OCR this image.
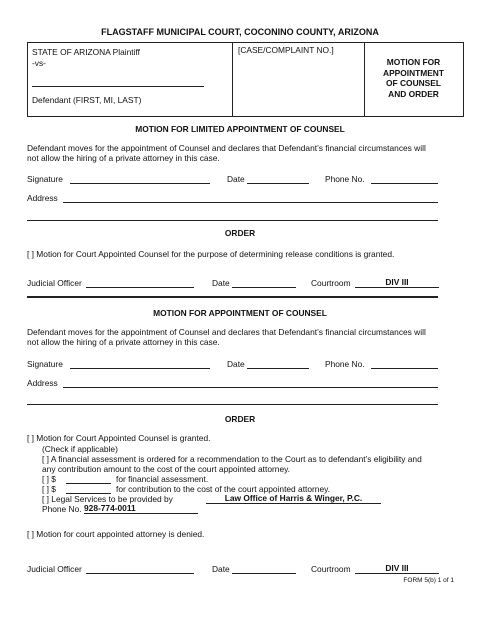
FLAGSTAFF MUNICIPAL COURT, COCONINO COUNTY, ARIZONA
STATE OF ARIZONA Plaintiff
-vs-
Defendant (FIRST, MI, LAST)
[CASE/COMPLAINT NO.]
MOTION FOR
APPOINTMENT
OF COUNSEL
AND ORDER
MOTION FOR LIMITED APPOINTMENT OF COUNSEL
Defendant moves for the appointment of Counsel and declares that Defendant’s financial circumstances will
not allow the hiring of a private attorney in this case.
Signature	Date	Phone No.
Address
ORDER
[ ] Motion for Court Appointed Counsel for the purpose of determining release conditions is granted.
Judicial Officer	Date	Courtroom	DIV III
MOTION FOR APPOINTMENT OF COUNSEL
Defendant moves for the appointment of Counsel and declares that Defendant’s financial circumstances will
not allow the hiring of a private attorney in this case.
Signature	Date	Phone No.
Address
ORDER
[ ] Motion for Court Appointed Counsel is granted.
(Check if applicable)
[ ] A financial assessment is ordered for a recommendation to the Court as to defendant’s eligibility and
any contribution amount to the cost of the court appointed attorney.
[ ] $	for financial assessment.
[ ] $	for contribution to the cost of the court appointed attorney.
[ ] Legal Services to be provided by	Law Office of Harris & Winger, P.C.
Phone No. 928-774-0011
[ ] Motion for court appointed attorney is denied.
Judicial Officer	Date	Courtroom	DIV III
FORM 5(b) 1 of 1
